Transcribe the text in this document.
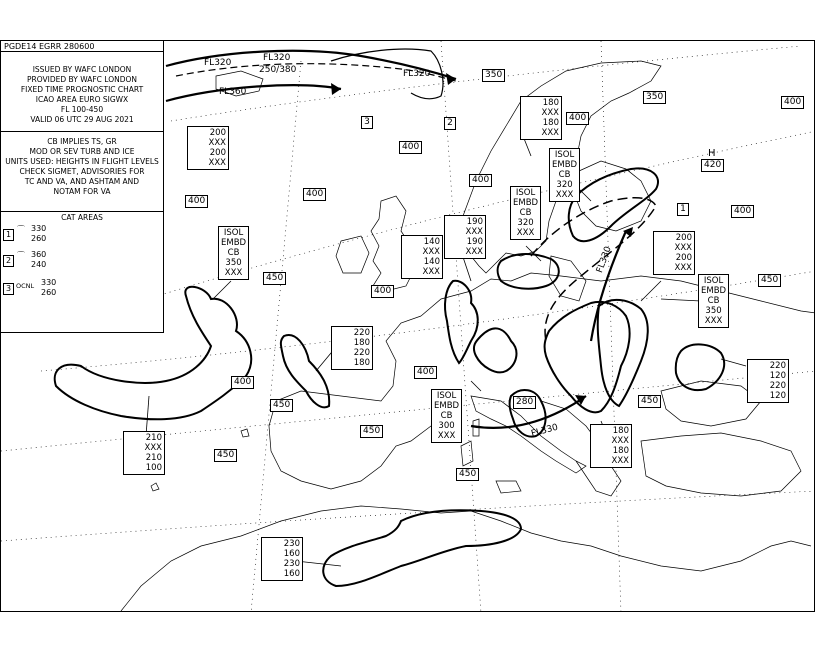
PGDE14 EGRR 280600
ISSUED BY WAFC LONDON
PROVIDED BY WAFC LONDON
FIXED TIME PROGNOSTIC CHART
ICAO AREA EURO SIGWX
FL 100-450
VALID 06 UTC 29 AUG 2021
CB IMPLIES TS, GR
MOD OR SEV TURB AND ICE
UNITS USED: HEIGHTS IN FLIGHT LEVELS
CHECK SIGMET, ADVISORIES FOR
TC AND VA, AND ASHTAM AND
NOTAM FOR VA
CAT AREAS
1
⌒ 330
260
2
⌒ 360
240
3 OCNL 330
260
FL320	FL320
250/380	FL320
FL360
FL330
FL330
3	2
1
350
350	400
400
400
400
400
400
400
H
420
450	450
400
400
400
450	450
450
450
450
280
ISOL
EMBD
CB
350
XXX
ISOL
EMBD
CB
320
XXX
ISOL
EMBD
CB
320
XXX
ISOL
EMBD
CB
350
XXX
ISOL
EMBD
CB
300
XXX
200
XXX
200
XXX
180
XXX
180
XXX
190
XXX
190
XXX
140
XXX
140
XXX
200
XXX
200
XXX
220
180
220
180
210
XXX
210
100
180
XXX
180
XXX
220
120
220
120
230
160
230
160
